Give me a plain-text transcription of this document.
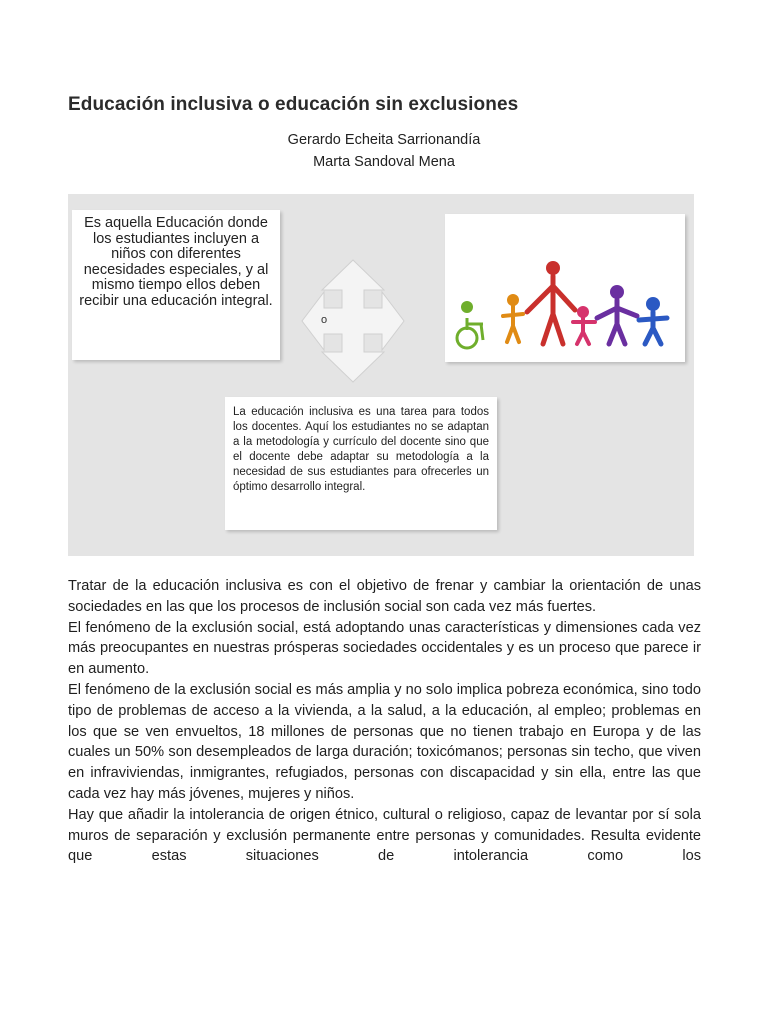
Educación inclusiva o educación sin exclusiones
Gerardo Echeita Sarrionandía
Marta Sandoval Mena
Es aquella Educación donde los estudiantes incluyen a niños con diferentes necesidades especiales, y al mismo tiempo ellos deben recibir una educación integral.
o
La educación inclusiva es una tarea para todos los docentes. Aquí los estudiantes no se adaptan a la metodología y currículo del docente sino que el docente debe adaptar su metodología a la necesidad de sus estudiantes para ofrecerles un óptimo desarrollo integral.

Tratar de la educación inclusiva es con el objetivo de frenar y cambiar la orientación de unas sociedades en las que los procesos de inclusión social son cada vez más fuertes.

El fenómeno de la exclusión social, está adoptando unas características y dimensiones cada vez más preocupantes en nuestras prósperas sociedades occidentales y es un proceso que parece ir en aumento.

El fenómeno de la exclusión social es más amplia y no solo implica pobreza económica, sino todo tipo de problemas de acceso a la vivienda, a la salud, a la educación, al empleo; problemas en los que se ven envueltos, 18 millones de personas que no tienen trabajo en Europa y de las cuales un 50% son desempleados de larga duración; toxicómanos; personas sin techo, que viven en infraviviendas, inmigrantes, refugiados, personas con discapacidad y sin ella, entre las que cada vez hay más jóvenes, mujeres y niños.

Hay que añadir la intolerancia de origen étnico, cultural o religioso, capaz de levantar por sí sola muros de separación y exclusión permanente entre personas y comunidades. Resulta evidente que estas situaciones de intolerancia como los
